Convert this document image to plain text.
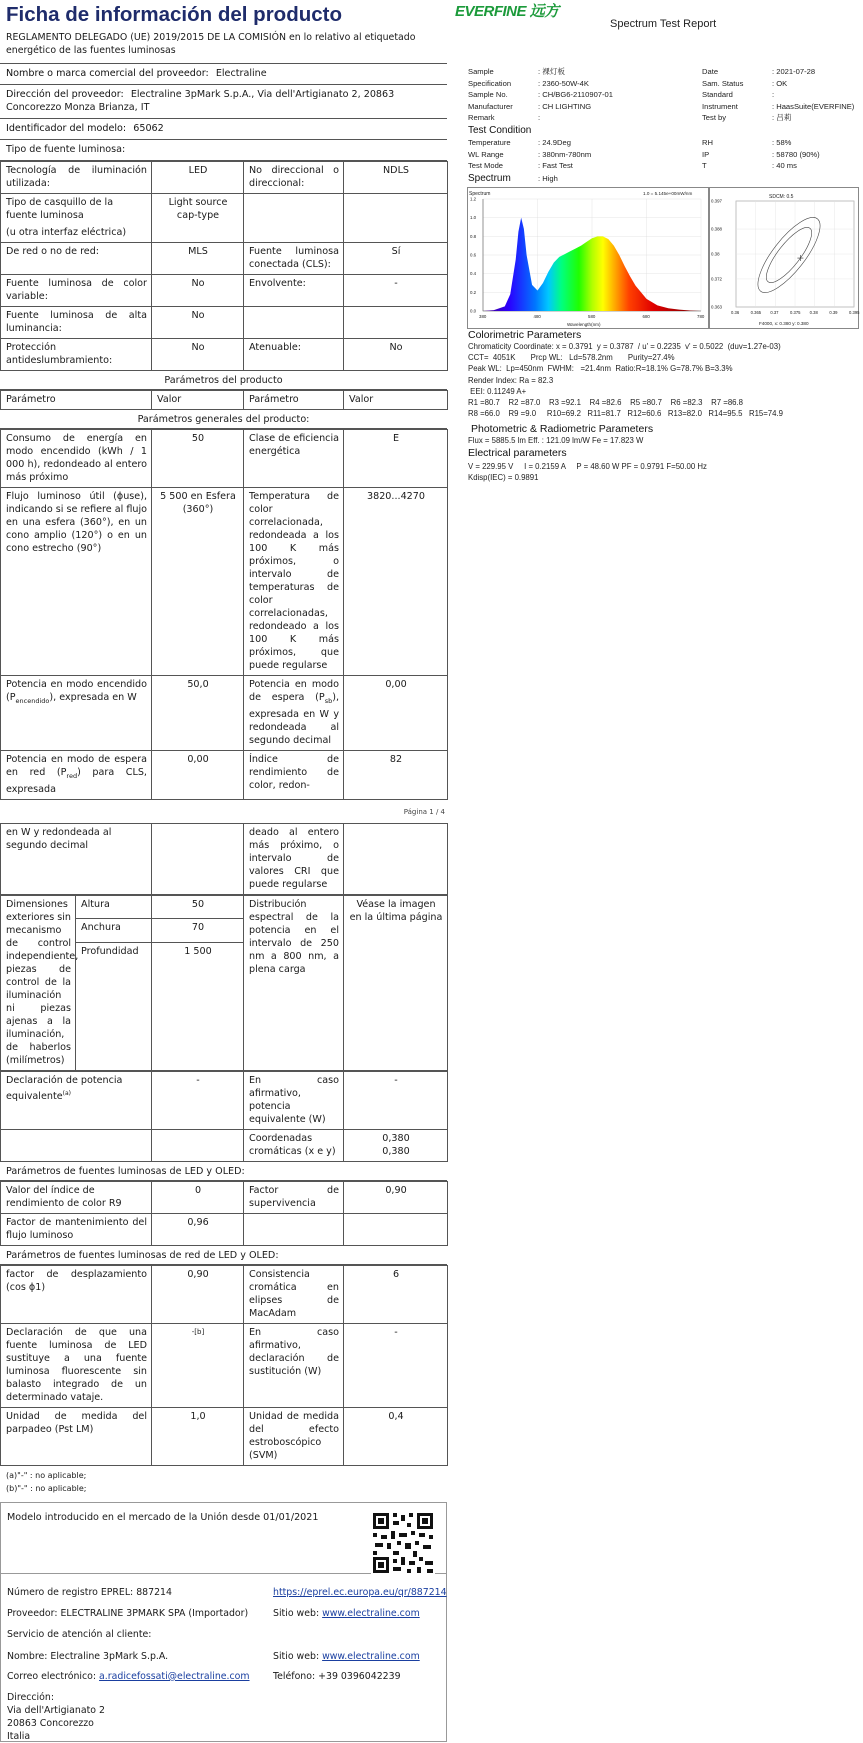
Ficha de información del producto
REGLAMENTO DELEGADO (UE) 2019/2015 DE LA COMISIÓN en lo relativo al etiquetado energético de las fuentes luminosas
Nombre o marca comercial del proveedor: Electraline
Dirección del proveedor: Electraline 3pMark S.p.A., Via dell'Artigianato 2, 20863 Concorezzo Monza Brianza, IT
Identificador del modelo: 65062
Tipo de fuente luminosa:
Tecnología de iluminación utilizada:	LED	No direccional o direccional:	NDLS

Tipo de casquillo de la fuente luminosa
(u otra interfaz eléctrica)	Light source cap-type		
De red o no de red:	MLS	Fuente luminosa conectada (CLS):	Sí
Fuente luminosa de color variable:	No	Envolvente:	-
Fuente luminosa de alta luminancia:	No		
Protección antideslumbramiento:	No	Atenuable:	No
Parámetros del producto
Parámetro	Valor	Parámetro	Valor
Parámetros generales del producto:
Consumo de energía en modo encendido (kWh / 1 000 h), redondeado al entero más próximo	50	Clase de eficiencia energética	E
Flujo luminoso útil (ϕuse), indicando si se refiere al flujo en una esfera (360°), en un cono amplio (120°) o en un cono estrecho (90°)	5 500 en Esfera (360°)	Temperatura de color correlacionada, redondeada a los 100 K más próximos, o intervalo de temperaturas de color correlacionadas, redondeado a los 100 K más próximos, que puede regularse	3820...4270
Potencia en modo encendido $(P_{encendido})$, expresada en W	50,0	Potencia en modo de espera $(P_{sb})$, expresada en W y redondeada al segundo decimal	0,00
Potencia en modo de espera en red $(P_{red})$ para CLS, expresada	0,00	Índice de rendimiento de color, redon-	82
Página 1 / 4
en W y redondeada al segundo decimal		deado al entero más próximo, o intervalo de valores CRI que puede regularse	
Dimensiones exteriores sin mecanismo de control independiente, piezas de control de la iluminación ni piezas ajenas a la iluminación, de haberlos (milímetros)	Altura	50	Distribución espectral de la potencia en el intervalo de 250 nm a 800 nm, a plena carga	Véase la imagen en la última página
	Anchura	70		
	Profundidad	1 500		
Declaración de potencia equivalente$^{(a)}$	-	En caso afirmativo, potencia equivalente (W)	-
		Coordenadas cromáticas (x e y)	0,380
0,380
Parámetros de fuentes luminosas de LED y OLED:
Valor del índice de rendimiento de color R9	0	Factor de supervivencia	0,90
Factor de mantenimiento del flujo luminoso	0,96		
Parámetros de fuentes luminosas de red de LED y OLED:
factor de desplazamiento (cos ϕ1)	0,90	Consistencia cromática en elipses de MacAdam	6
Declaración de que una fuente luminosa de LED sustituye a una fuente luminosa fluorescente sin balasto integrado de un determinado vataje.	-[b]	En caso afirmativo, declaración de sustitución (W)	-
Unidad de medida del parpadeo (Pst LM)	1,0	Unidad de medida del efecto estroboscópico (SVM)	0,4
(a)"-" : no aplicable;
(b)"-" : no aplicable;
Modelo introducido en el mercado de la Unión desde 01/01/2021
Número de registro EPREL: 887214	https://eprel.ec.europa.eu/qr/887214
Proveedor: ELECTRALINE 3PMARK SPA (Importador)	Sitio web: www.electraline.com
Servicio de atención al cliente:
Nombre: Electraline 3pMark S.p.A.	Sitio web: www.electraline.com
Correo electrónico: a.radicefossati@electraline.com Teléfono: +39 0396042239
Dirección:
Via dell'Artigianato 2
20863 Concorezzo
Italia
EVERFINE 远方
Spectrum Test Report
Sample	: 裸灯板
Specification	: 2360-50W-4K
Sample No.	: CH/BG6-2110907-01
Manufacturer	: CH LIGHTING
Remark	:
Date	: 2021-07-28
Sam. Status	: OK
Standard	:
Instrument	: HaasSuite(EVERFINE)
Test by	: 吕莉
Test Condition
Temperature	: 24.9Deg
WL Range	: 380nm-780nm
Test Mode	: Fast Test
RH	: 58%
IP	: 58780 (90%)
T	: 40 ms
Spectrum	: High
1.2
1.0
0.8
0.6
0.4
0.2
0.0
380	480	580	680	780
Spectrum	1.0 = 5.145e+00mW/nm
Wavelength(nm)
0.397
0.388
0.38
0.372
0.363
0.36	0.365 0.37	0.375 0.38	0.39	0.395
SDCM: 0.5
F4000, x: 0.380 y: 0.380
Colorimetric Parameters
Chromaticity Coordinate: x = 0.3791  y = 0.3787  / u' = 0.2235  v' = 0.5022  (duv=1.27e-03)
CCT=  4051K       Prcp WL:   Ld=578.2nm       Purity=27.4%
Peak WL:  Lp=450nm  FWHM:   =21.4nm  Ratio:R=18.1% G=78.7% B=3.3%
Render Index: Ra = 82.3
EEI: 0.11249 A+
R1 =80.7    R2 =87.0    R3 =92.1    R4 =82.6    R5 =80.7    R6 =82.3    R7 =86.8
R8 =66.0    R9 =9.0     R10=69.2   R11=81.7   R12=60.6   R13=82.0   R14=95.5   R15=74.9
Photometric & Radiometric Parameters
Flux = 5885.5 lm Eff. : 121.09 lm/W Fe = 17.823 W
Electrical parameters
V = 229.95 V     I = 0.2159 A     P = 48.60 W PF = 0.9791 F=50.00 Hz
Kdisp(IEC) = 0.9891
